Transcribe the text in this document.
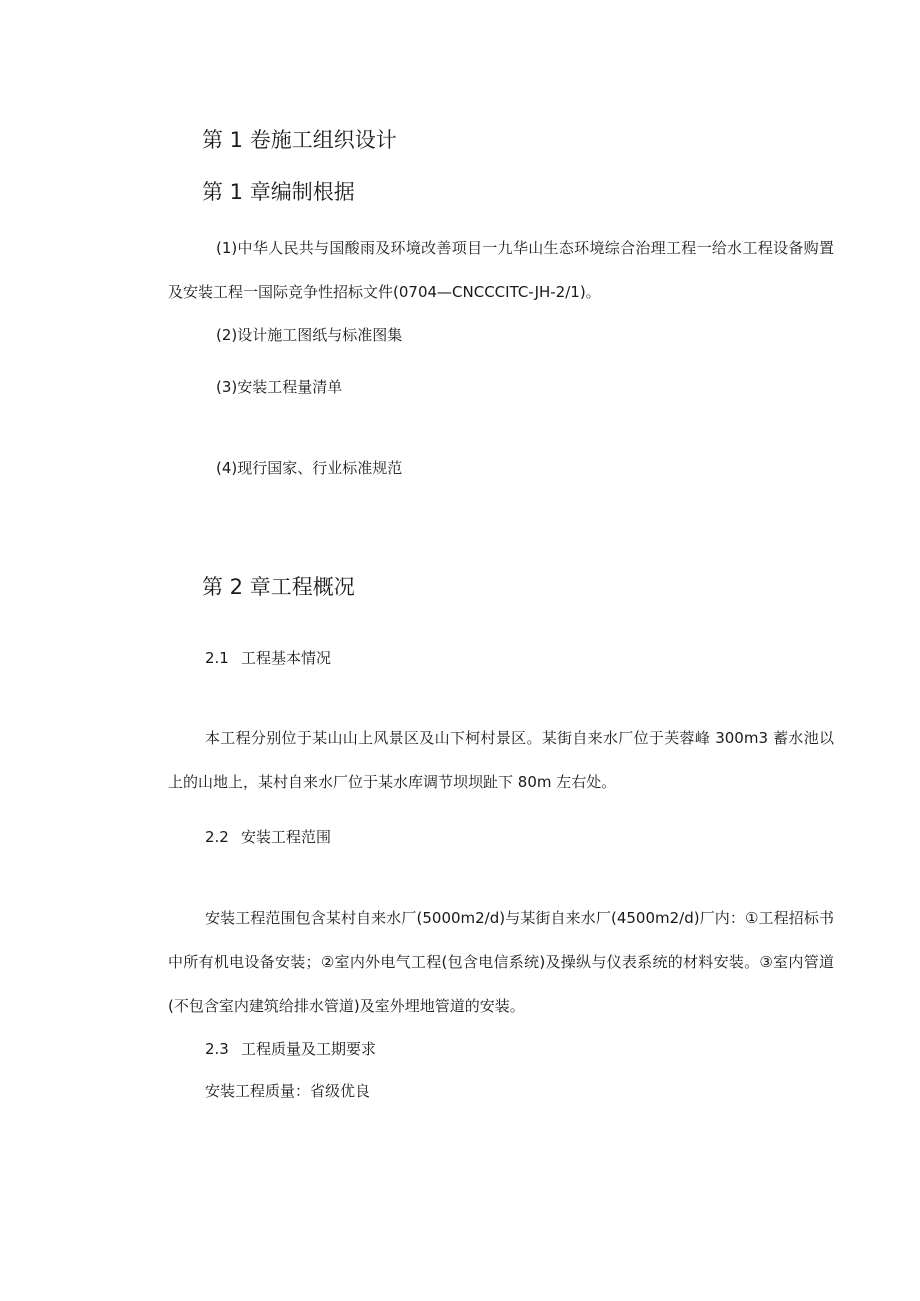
第 1 卷施工组织设计
第 1 章编制根据
(1)中华人民共与国酸雨及环境改善项目一九华山生态环境综合治理工程一给水工程设备购置及安装工程一国际竞争性招标文件(0704—CNCCCITC-JH-2/1)。
(2)设计施工图纸与标准图集
(3)安装工程量清单
(4)现行国家、行业标准规范
第 2 章工程概况
2.1 工程基本情况
本工程分别位于某山山上风景区及山下柯村景区。某街自来水厂位于芙蓉峰 300m3 蓄水池以上的山地上，某村自来水厂位于某水库调节坝坝趾下 80m 左右处。
2.2 安装工程范围
安装工程范围包含某村自来水厂(5000m2∕d)与某街自来水厂(4500m2∕d)厂内：①工程招标书中所有机电设备安装；②室内外电气工程(包含电信系统)及操纵与仪表系统的材料安装。③室内管道(不包含室内建筑给排水管道)及室外埋地管道的安装。
2.3 工程质量及工期要求
安装工程质量：省级优良
